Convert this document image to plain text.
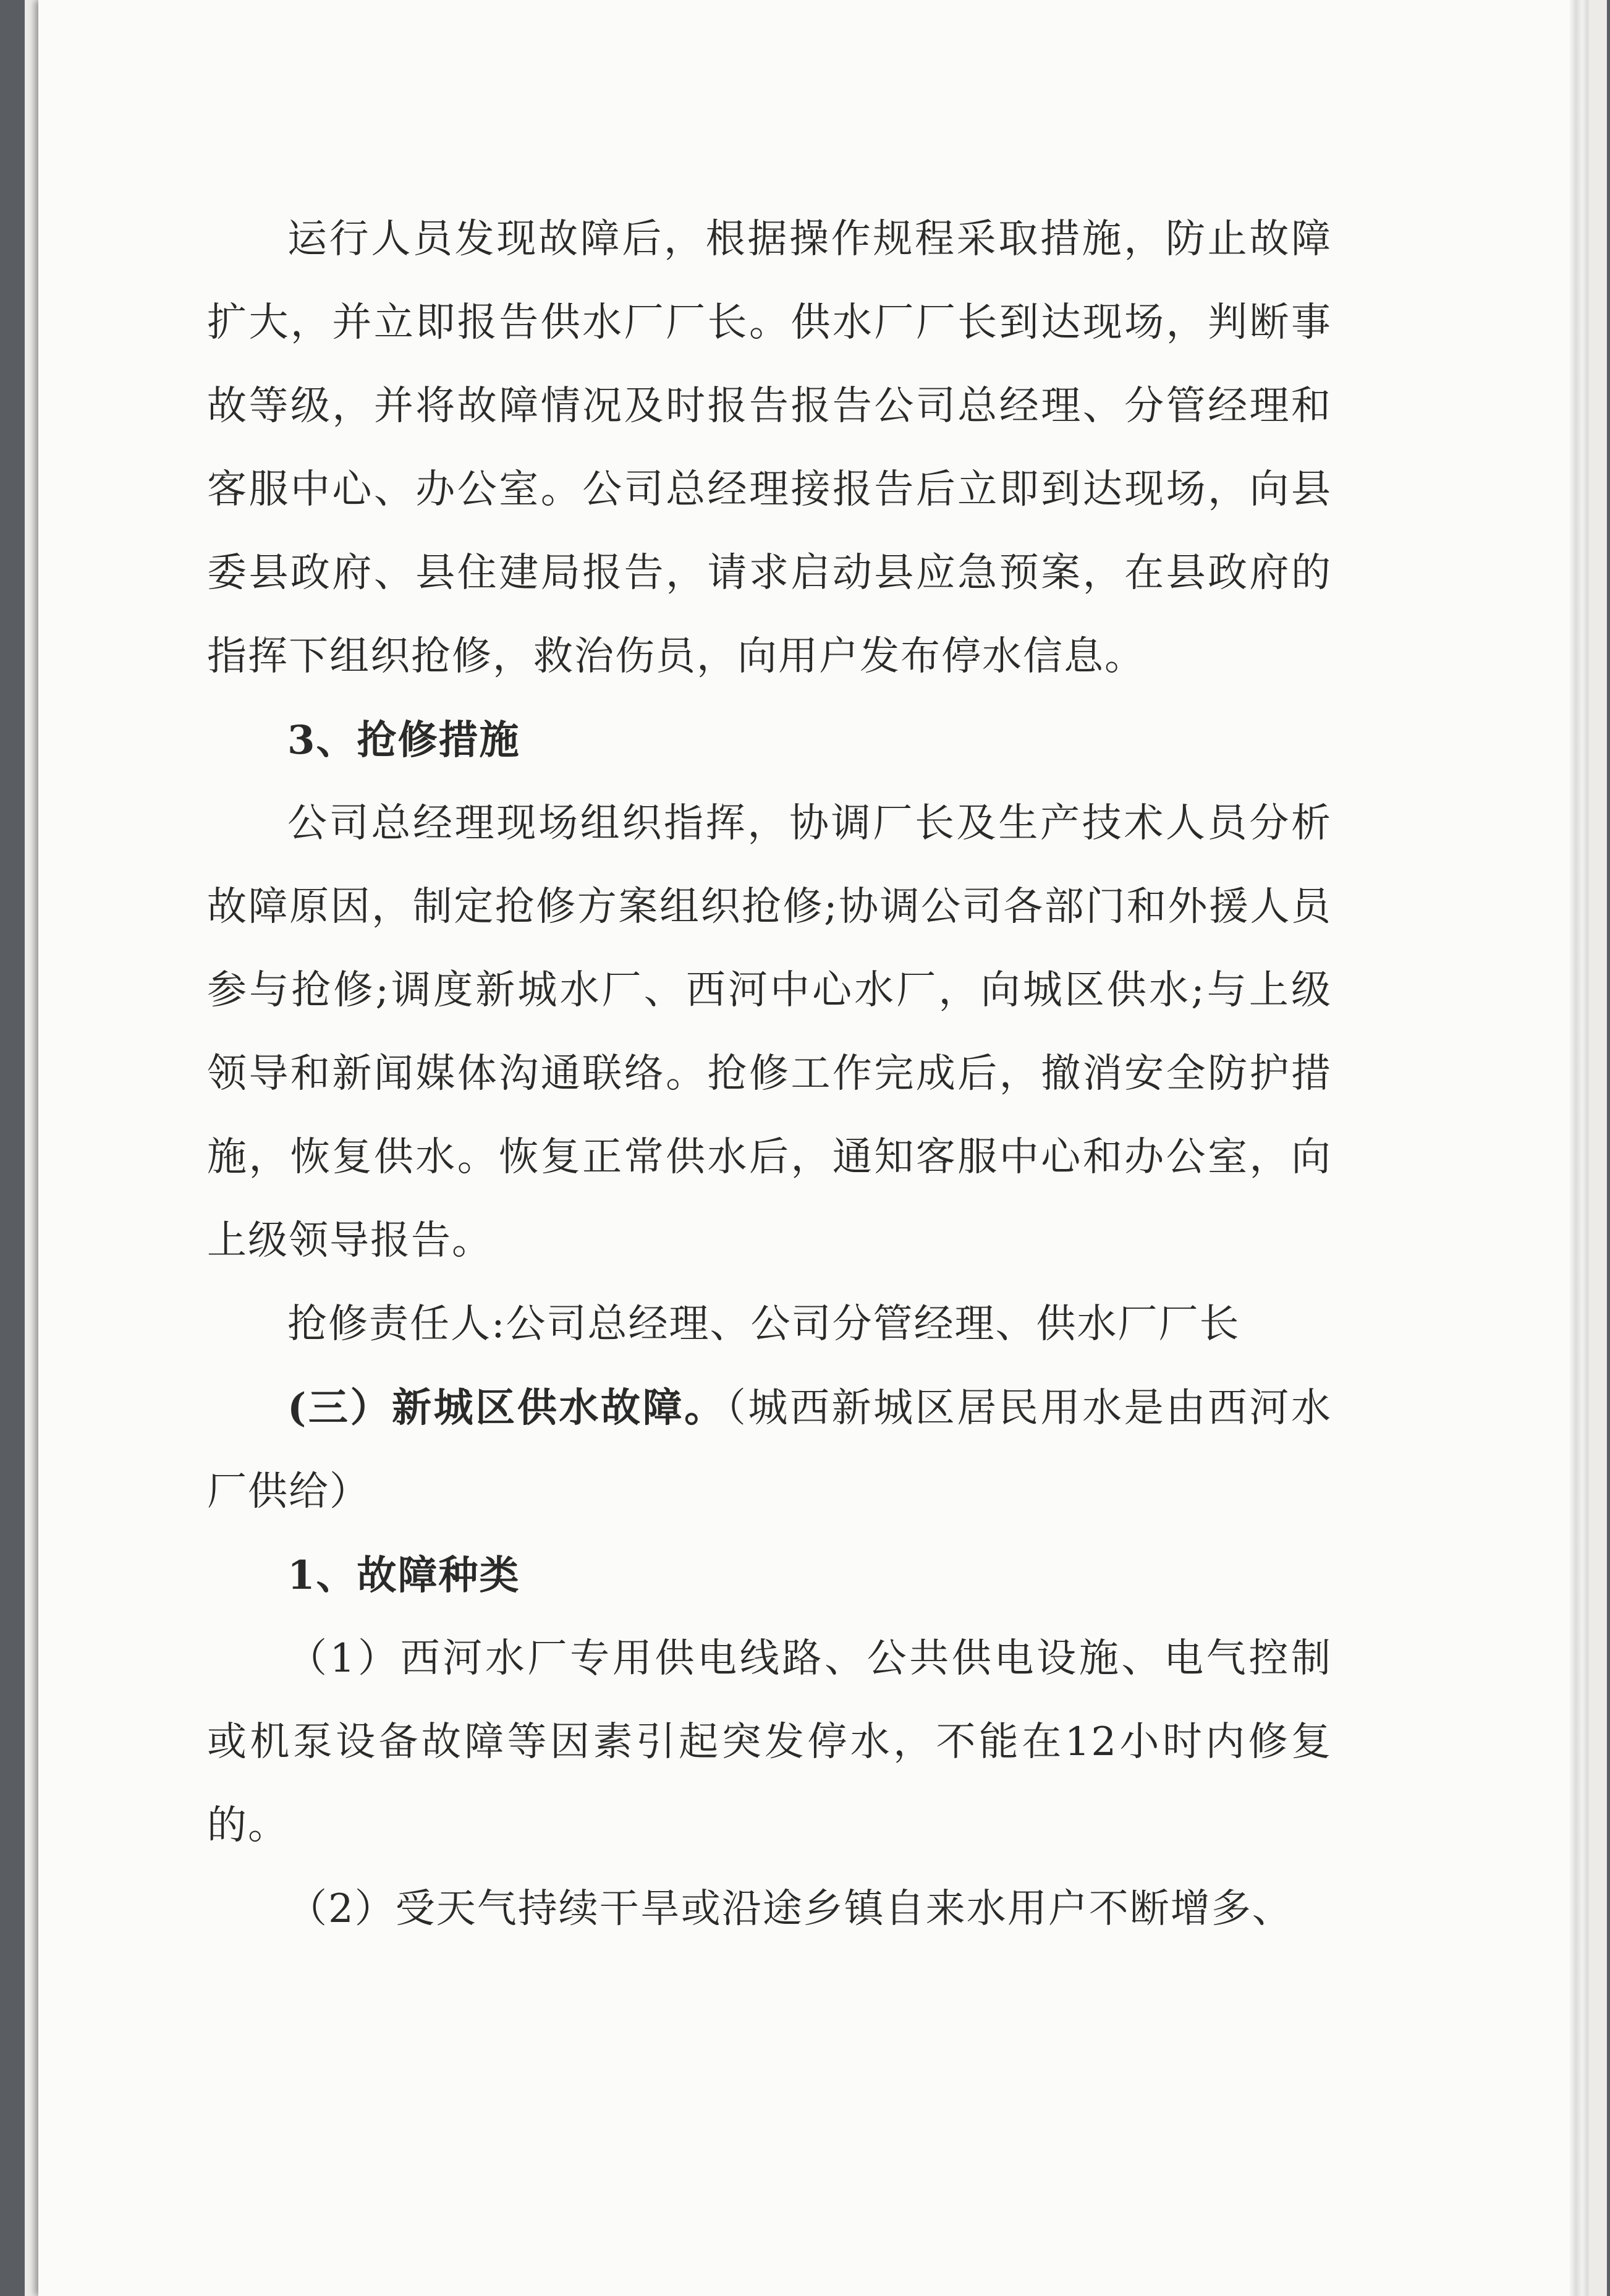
运行人员发现故障后，根据操作规程采取措施，防止故障扩大，并立即报告供水厂厂长。供水厂厂长到达现场，判断事故等级，并将故障情况及时报告报告公司总经理、分管经理和客服中心、办公室。公司总经理接报告后立即到达现场，向县委县政府、县住建局报告，请求启动县应急预案，在县政府的指挥下组织抢修，救治伤员，向用户发布停水信息。

3、抢修措施

公司总经理现场组织指挥，协调厂长及生产技术人员分析故障原因，制定抢修方案组织抢修;协调公司各部门和外援人员参与抢修;调度新城水厂、西河中心水厂，向城区供水;与上级领导和新闻媒体沟通联络。抢修工作完成后，撤消安全防护措施，恢复供水。恢复正常供水后，通知客服中心和办公室，向上级领导报告。

抢修责任人:公司总经理、公司分管经理、供水厂厂长

(三）新城区供水故障。（城西新城区居民用水是由西河水厂供给）

1、故障种类

（1）西河水厂专用供电线路、公共供电设施、电气控制或机泵设备故障等因素引起突发停水，不能在12小时内修复的。

（2）受天气持续干旱或沿途乡镇自来水用户不断增多、
